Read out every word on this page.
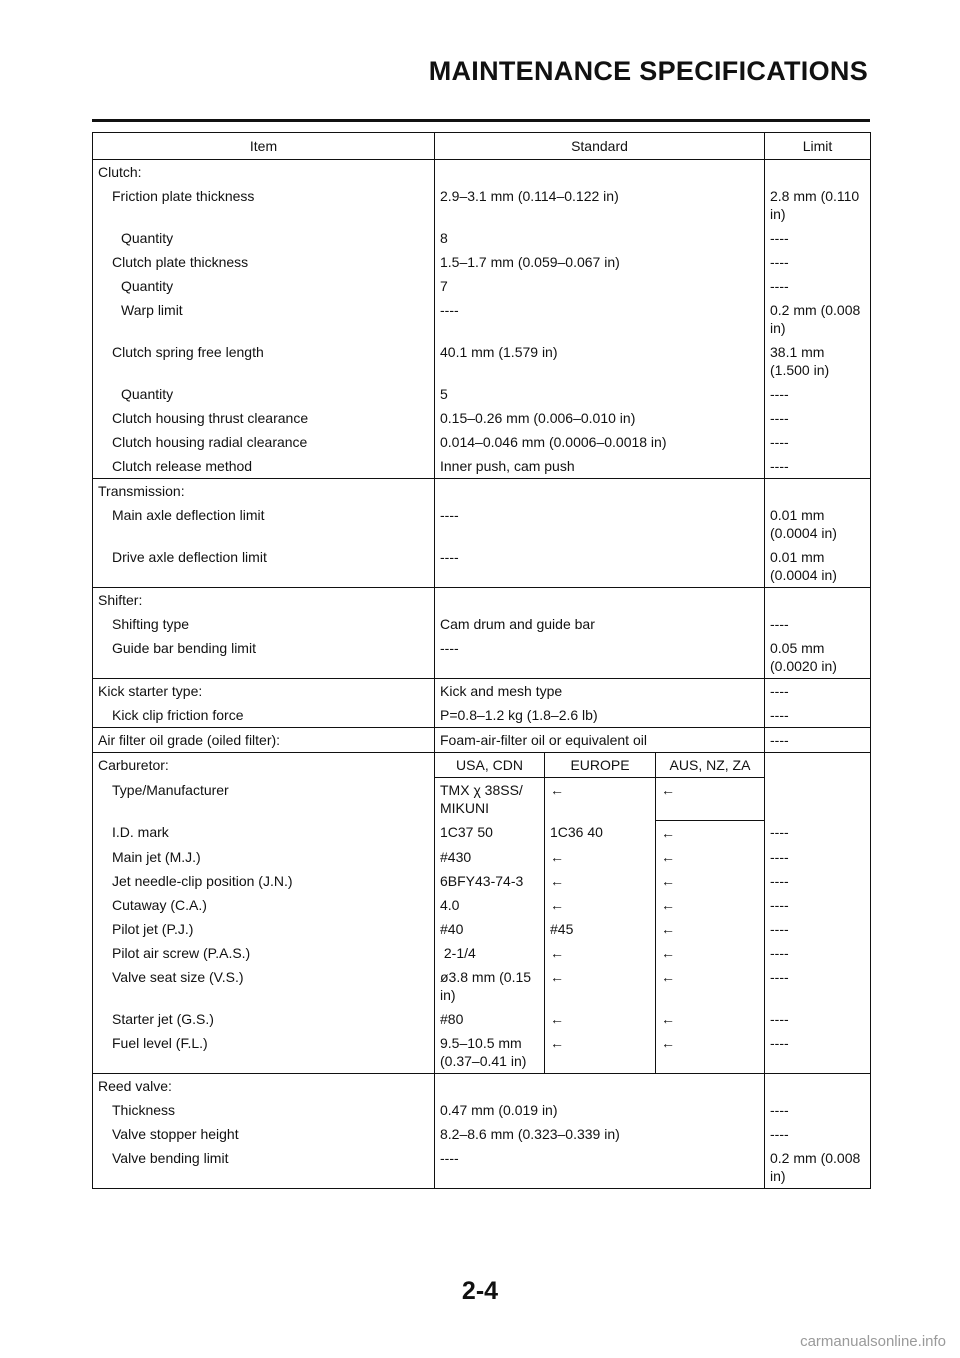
MAINTENANCE SPECIFICATIONS
Item	Standard			Limit
Clutch:				
Friction plate thickness	2.9–3.1 mm (0.114–0.122 in)			2.8 mm (0.110 in)
Quantity	8			----
Clutch plate thickness	1.5–1.7 mm (0.059–0.067 in)			----
Quantity	7			----
Warp limit	----			0.2 mm (0.008 in)
Clutch spring free length	40.1 mm (1.579 in)			38.1 mm (1.500 in)
Quantity	5			----
Clutch housing thrust clearance	0.15–0.26 mm (0.006–0.010 in)			----
Clutch housing radial clearance	0.014–0.046 mm (0.0006–0.0018 in)			----
Clutch release method	Inner push, cam push			----
Transmission:				
Main axle deflection limit	----			0.01 mm (0.0004 in)
Drive axle deflection limit	----			0.01 mm (0.0004 in)
Shifter:				
Shifting type	Cam drum and guide bar			----
Guide bar bending limit	----			0.05 mm (0.0020 in)
Kick starter type:	Kick and mesh type			----
Kick clip friction force	P=0.8–1.2 kg (1.8–2.6 lb)			----
Air filter oil grade (oiled filter):	Foam-air-filter oil or equivalent oil			----
Carburetor:	USA, CDN	EUROPE	AUS, NZ, ZA	
Type/Manufacturer	TMX χ 38SS/ MIKUNI	←	←	
I.D. mark	1C37 50	1C36 40	←	----
Main jet (M.J.)	#430	←	←	----
Jet needle-clip position (J.N.)	6BFY43-74-3	←	←	----
Cutaway (C.A.)	4.0	←	←	----
Pilot jet (P.J.)	#40	#45	←	----
Pilot air screw (P.A.S.)	2-1/4	←	←	----
Valve seat size (V.S.)	ø3.8 mm (0.15 in)	←	←	----
Starter jet (G.S.)	#80	←	←	----
Fuel level (F.L.)	9.5–10.5 mm (0.37–0.41 in)	←	←	----
Reed valve:				
Thickness	0.47 mm (0.019 in)			----
Valve stopper height	8.2–8.6 mm (0.323–0.339 in)			----
Valve bending limit	----			0.2 mm (0.008 in)
2-4
carmanualsonline.info
